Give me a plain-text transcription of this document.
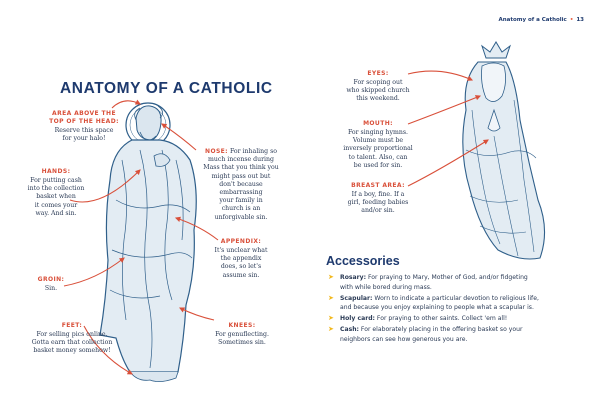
Anatomy of a Catholic • 13
ANATOMY OF A CATHOLIC
AREA ABOVE THE
TOP OF THE HEAD:
Reserve this space
for your halo!
NOSE: For inhaling so
much incense during
Mass that you think you
might pass out but
don't because
embarrassing
your family in
church is an
unforgivable sin.
HANDS:
For putting cash
into the collection
basket when
it comes your
way. And sin.
APPENDIX:
It's unclear what
the appendix
does, so let's
assume sin.
GROIN:
Sin.
FEET:
For selling pics online.
Gotta earn that collection
basket money somehow!
KNEES:
For genuflecting.
Sometimes sin.
EYES:
For scoping out
who skipped church
this weekend.
MOUTH:
For singing hymns.
Volume must be
inversely proportional
to talent. Also, can
be used for sin.
BREAST AREA:
If a boy, fine. If a
girl, feeding babies
and/or sin.
Accessories
➤ Rosary: For praying to Mary, Mother of God, and/or fidgeting
with while bored during mass.
➤ Scapular: Worn to indicate a particular devotion to religious life,
and because you enjoy explaining to people what a scapular is.
➤ Holy card: For praying to other saints. Collect 'em all!
➤ Cash: For elaborately placing in the offering basket so your
neighbors can see how generous you are.
